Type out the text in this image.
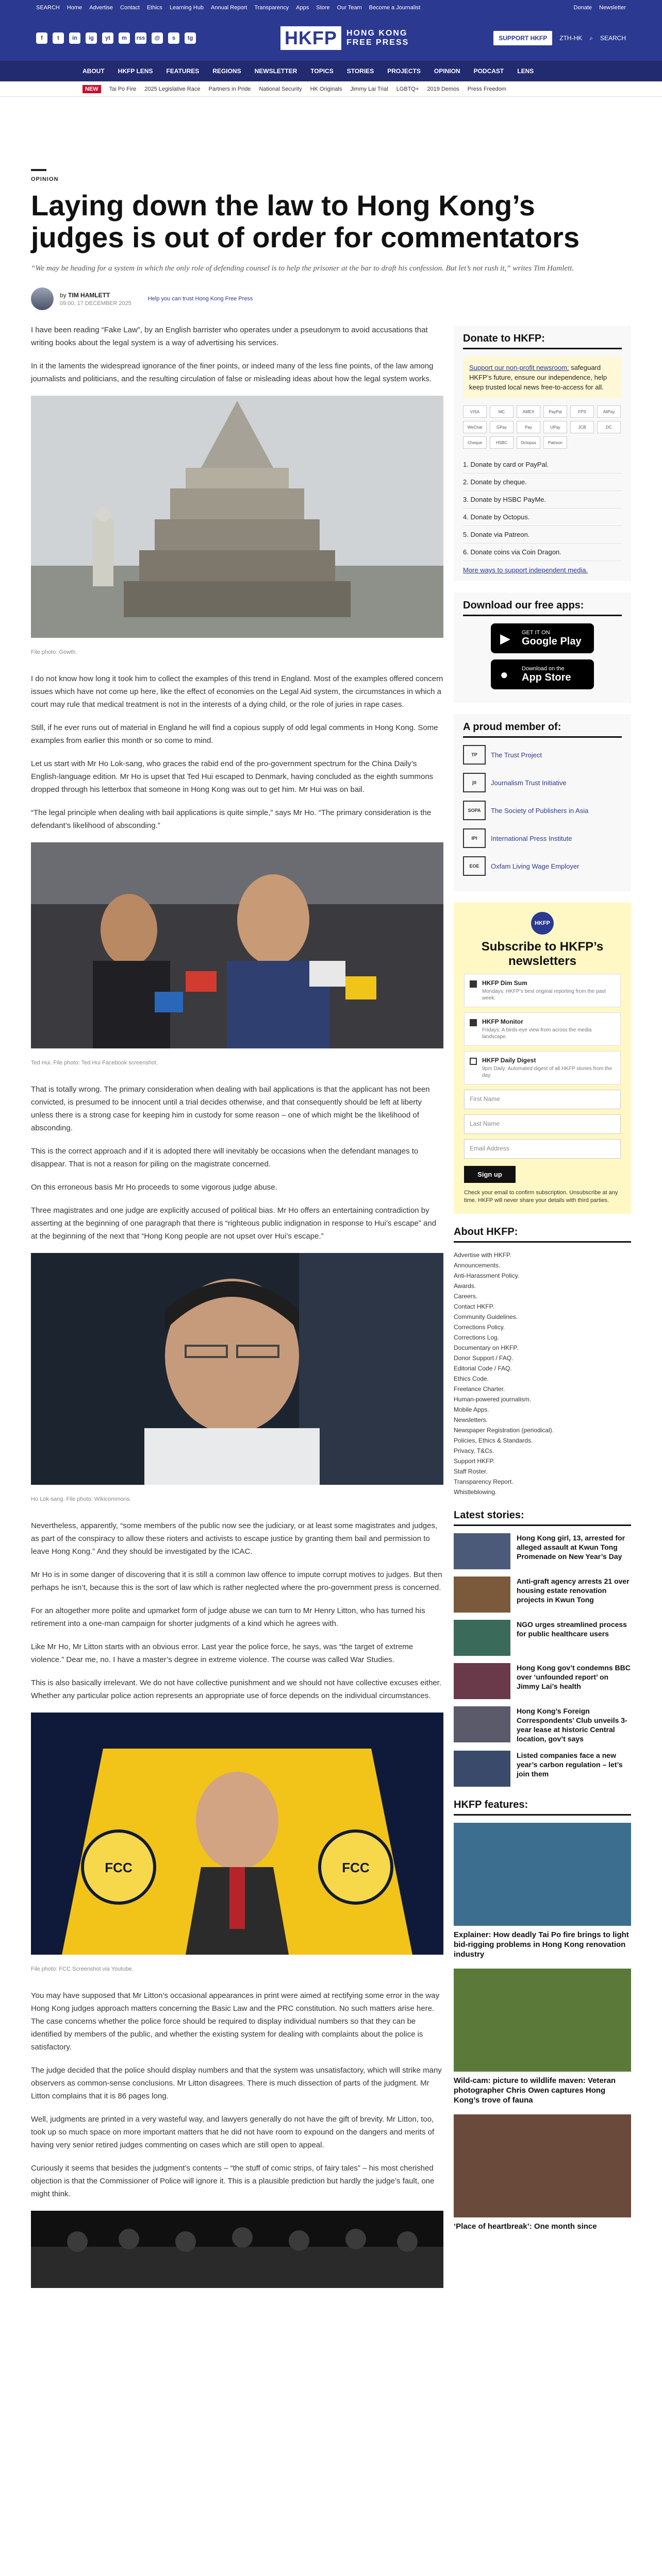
SEARCH Home Advertise Contact Ethics Learning Hub Annual Report Transparency Apps Store Our Team Become a Journalist	Donate Newsletter
f	t	in	ig	yt	m	rss	@	s	tg	HKFP	HONG KONG
FREE PRESS	SUPPORT HKFP	ZTH-HK ⌕ SEARCH
ABOUT HKFP LENS FEATURES REGIONS NEWSLETTER TOPICS STORIES PROJECTS OPINION PODCAST LENS
NEW	Tai Po Fire 2025 Legislative Race Partners in Pride National Security HK Originals Jimmy Lai Trial LGBTQ+ 2019 Demos Press Freedom
OPINION
Laying down the law to Hong Kong’s judges is out of order for commentators

“We may be heading for a system in which the only role of defending counsel is to help the prisoner at the bar to draft his confession. But let’s not rush it,” writes Tim Hamlett.

by TIM HAMLETT
09:00, 17 DECEMBER 2025
Help you can trust Hong Kong Free Press

I have been reading “Fake Law”, by an English barrister who operates under a pseudonym to avoid accusations that writing books about the legal system is a way of advertising his services.

In it the laments the widespread ignorance of the finer points, or indeed many of the less fine points, of the law among journalists and politicians, and the resulting circulation of false or misleading ideas about how the legal system works.

File photo: Gowth.

I do not know how long it took him to collect the examples of this trend in England. Most of the examples offered concern issues which have not come up here, like the effect of economies on the Legal Aid system, the circumstances in which a court may rule that medical treatment is not in the interests of a dying child, or the role of juries in rape cases.

Still, if he ever runs out of material in England he will find a copious supply of odd legal comments in Hong Kong. Some examples from earlier this month or so come to mind.

Let us start with Mr Ho Lok-sang, who graces the rabid end of the pro-government spectrum for the China Daily’s English-language edition. Mr Ho is upset that Ted Hui escaped to Denmark, having concluded as the eighth summons dropped through his letterbox that someone in Hong Kong was out to get him. Mr Hui was on bail.

“The legal principle when dealing with bail applications is quite simple,” says Mr Ho. “The primary consideration is the defendant’s likelihood of absconding.”

Ted Hui. File photo: Ted Hui Facebook screenshot.

That is totally wrong. The primary consideration when dealing with bail applications is that the applicant has not been convicted, is presumed to be innocent until a trial decides otherwise, and that consequently should be left at liberty unless there is a strong case for keeping him in custody for some reason – one of which might be the likelihood of absconding.

This is the correct approach and if it is adopted there will inevitably be occasions when the defendant manages to disappear. That is not a reason for piling on the magistrate concerned.

On this erroneous basis Mr Ho proceeds to some vigorous judge abuse.

Three magistrates and one judge are explicitly accused of political bias. Mr Ho offers an entertaining contradiction by asserting at the beginning of one paragraph that there is “righteous public indignation in response to Hui’s escape” and at the beginning of the next that “Hong Kong people are not upset over Hui’s escape.”

Ho Lok-sang. File photo: Wikicommons.

Nevertheless, apparently, “some members of the public now see the judiciary, or at least some magistrates and judges, as part of the conspiracy to allow these rioters and activists to escape justice by granting them bail and permission to leave Hong Kong.” And they should be investigated by the ICAC.

Mr Ho is in some danger of discovering that it is still a common law offence to impute corrupt motives to judges. But then perhaps he isn’t, because this is the sort of law which is rather neglected where the pro-government press is concerned.

For an altogether more polite and upmarket form of judge abuse we can turn to Mr Henry Litton, who has turned his retirement into a one-man campaign for shorter judgments of a kind which he agrees with.

Like Mr Ho, Mr Litton starts with an obvious error. Last year the police force, he says, was “the target of extreme violence.” Dear me, no. I have a master’s degree in extreme violence. The course was called War Studies.

This is also basically irrelevant. We do not have collective punishment and we should not have collective excuses either. Whether any particular police action represents an appropriate use of force depends on the individual circumstances.

FCC	FCC
File photo: FCC Screenshot via Youtube.

You may have supposed that Mr Litton’s occasional appearances in print were aimed at rectifying some error in the way Hong Kong judges approach matters concerning the Basic Law and the PRC constitution. No such matters arise here. The case concerns whether the police force should be required to display individual numbers so that they can be identified by members of the public, and whether the existing system for dealing with complaints about the police is satisfactory.

The judge decided that the police should display numbers and that the system was unsatisfactory, which will strike many observers as common-sense conclusions. Mr Litton disagrees. There is much dissection of parts of the judgment. Mr Litton complains that it is 86 pages long.

Well, judgments are printed in a very wasteful way, and lawyers generally do not have the gift of brevity. Mr Litton, too, took up so much space on more important matters that he did not have room to expound on the dangers and merits of having very senior retired judges commenting on cases which are still open to appeal.

Curiously it seems that besides the judgment’s contents – “the stuff of comic strips, of fairy tales” – his most cherished objection is that the Commissioner of Police will ignore it. This is a plausible prediction but hardly the judge’s fault, one might think.

Donate to HKFP:
Support our non-profit newsroom: safeguard HKFP’s future, ensure our independence, help keep trusted local news free-to-access for all.
VISA	MC	AMEX	PayPal	FPS	AliPay
WeChat	GPay	Pay	UPay	JCB	DC
Cheque	HSBC	Octopus	Patreon
1. Donate by card or PayPal.
2. Donate by cheque.
3. Donate by HSBC PayMe.
4. Donate by Octopus.
5. Donate via Patreon.
6. Donate coins via Coin Dragon.
More ways to support independent media.
Download our free apps:
▶ GET IT ON
Google Play
● Download on the
App Store
A proud member of:
TP	The Trust Project
jti	Journalism Trust Initiative
SOPA	The Society of Publishers in Asia
IPI	International Press Institute
EOE	Oxfam Living Wage Employer
HKFP
Subscribe to HKFP’s newsletters
HKFP Dim Sum
Mondays: HKFP’s best original reporting from the past week.
HKFP Monitor
Fridays: A birds-eye view from across the media landscape.
HKFP Daily Digest
9pm Daily: Automated digest of all HKFP stories from the day.
First Name
Last Name
Email Address
Sign up
Check your email to confirm subscription. Unsubscribe at any time. HKFP will never share your details with third parties.
About HKFP:
Advertise with HKFP.
Announcements.
Anti-Harassment Policy.
Awards.
Careers.
Contact HKFP.
Community Guidelines.
Corrections Policy.
Corrections Log.
Documentary on HKFP.
Donor Support / FAQ.
Editorial Code / FAQ.
Ethics Code.
Freelance Charter.
Human-powered journalism.
Mobile Apps.
Newsletters.
Newspaper Registration (periodical).
Policies, Ethics & Standards.
Privacy, T&Cs.
Support HKFP.
Staff Roster.
Transparency Report.
Whistleblowing.
Latest stories:
Hong Kong girl, 13, arrested for alleged assault at Kwun Tong Promenade on New Year’s Day
Anti-graft agency arrests 21 over housing estate renovation projects in Kwun Tong
NGO urges streamlined process for public healthcare users
Hong Kong gov’t condemns BBC over ‘unfounded report’ on Jimmy Lai’s health
Hong Kong’s Foreign Correspondents’ Club unveils 3-year lease at historic Central location, gov’t says
Listed companies face a new year’s carbon regulation – let’s join them
HKFP features:
Explainer: How deadly Tai Po fire brings to light bid-rigging problems in Hong Kong renovation industry
Wild-cam: picture to wildlife maven: Veteran photographer Chris Owen captures Hong Kong’s trove of fauna
‘Place of heartbreak’: One month since
